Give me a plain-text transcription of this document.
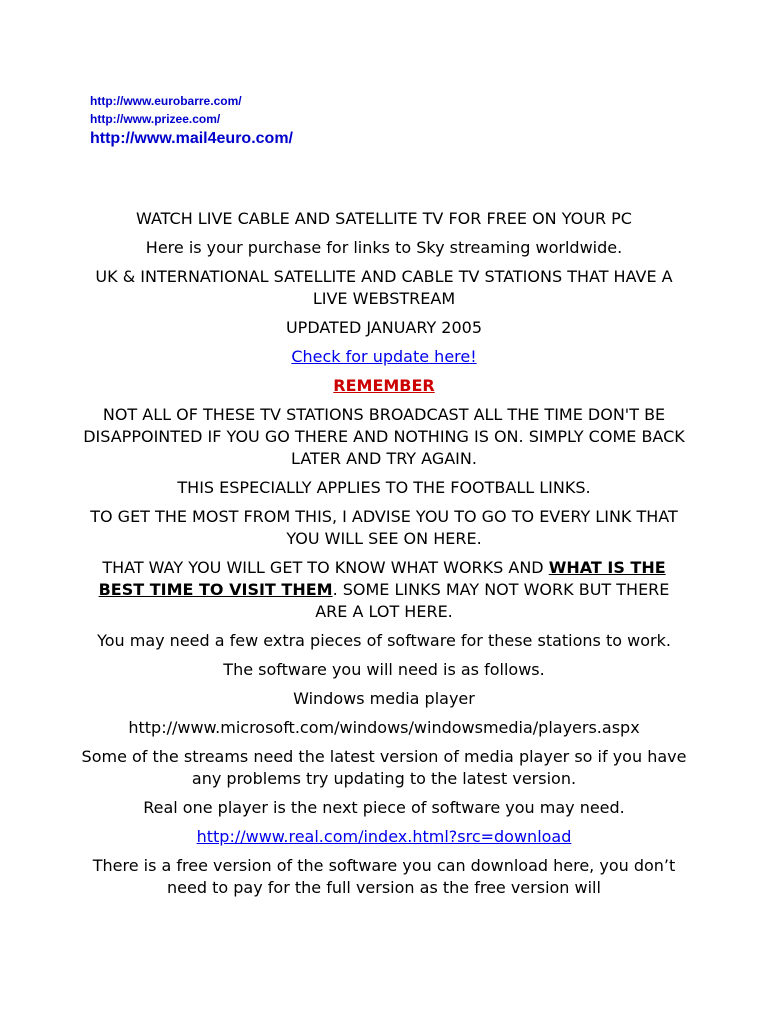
http://www.eurobarre.com/
http://www.prizee.com/
http://www.mail4euro.com/

WATCH LIVE CABLE AND SATELLITE TV FOR FREE ON YOUR PC

Here is your purchase for links to Sky streaming worldwide.

UK & INTERNATIONAL SATELLITE AND CABLE TV STATIONS THAT HAVE A LIVE WEBSTREAM

UPDATED JANUARY 2005

Check for update here!

REMEMBER

NOT ALL OF THESE TV STATIONS BROADCAST ALL THE TIME DON'T BE DISAPPOINTED IF YOU GO THERE AND NOTHING IS ON. SIMPLY COME BACK LATER AND TRY AGAIN.

THIS ESPECIALLY APPLIES TO THE FOOTBALL LINKS.

TO GET THE MOST FROM THIS, I ADVISE YOU TO GO TO EVERY LINK THAT YOU WILL SEE ON HERE.

THAT WAY YOU WILL GET TO KNOW WHAT WORKS AND WHAT IS THE BEST TIME TO VISIT THEM. SOME LINKS MAY NOT WORK BUT THERE ARE A LOT HERE.

You may need a few extra pieces of software for these stations to work.

The software you will need is as follows.

Windows media player

http://www.microsoft.com/windows/windowsmedia/players.aspx

Some of the streams need the latest version of media player so if you have any problems try updating to the latest version.

Real one player is the next piece of software you may need.

http://www.real.com/index.html?src=download

There is a free version of the software you can download here, you don’t need to pay for the full version as the free version will
